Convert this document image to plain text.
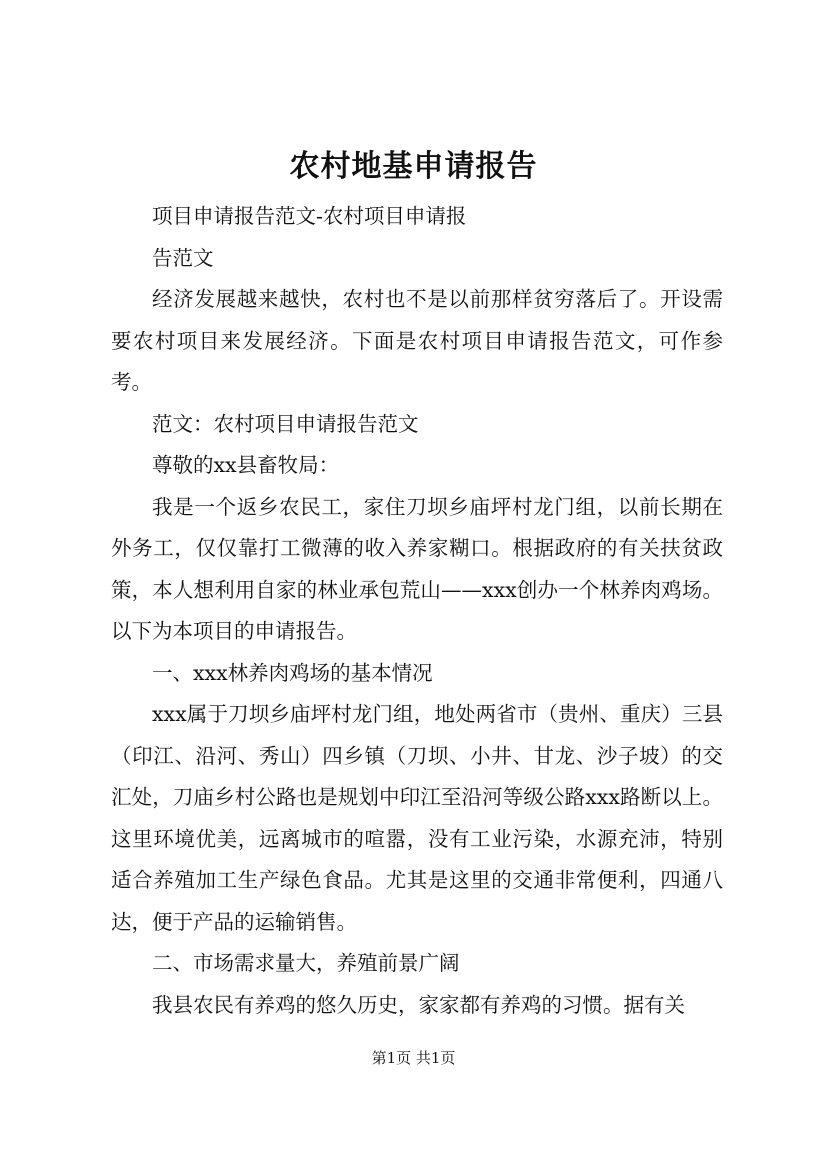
农村地基申请报告

项目申请报告范文-农村项目申请报

告范文

经济发展越来越快，农村也不是以前那样贫穷落后了。开设需要农村项目来发展经济。下面是农村项目申请报告范文，可作参考。

范文：农村项目申请报告范文

尊敬的xx县畜牧局：

我是一个返乡农民工，家住刀坝乡庙坪村龙门组，以前长期在外务工，仅仅靠打工微薄的收入养家糊口。根据政府的有关扶贫政策，本人想利用自家的林业承包荒山——xxx创办一个林养肉鸡场。以下为本项目的申请报告。

一、xxx林养肉鸡场的基本情况

xxx属于刀坝乡庙坪村龙门组，地处两省市（贵州、重庆）三县（印江、沿河、秀山）四乡镇（刀坝、小井、甘龙、沙子坡）的交汇处，刀庙乡村公路也是规划中印江至沿河等级公路xxx路断以上。这里环境优美，远离城市的喧嚣，没有工业污染，水源充沛，特别适合养殖加工生产绿色食品。尤其是这里的交通非常便利，四通八达，便于产品的运输销售。

二、市场需求量大，养殖前景广阔

我县农民有养鸡的悠久历史，家家都有养鸡的习惯。据有关

第1页 共1页
